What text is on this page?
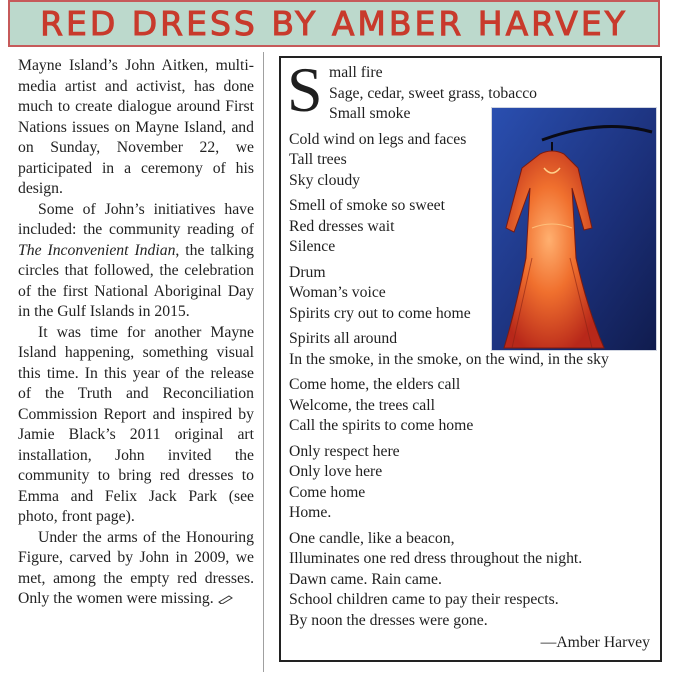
RED DRESS BY AMBER HARVEY

Mayne Island’s John Aitken, multi-media artist and activist, has done much to create dialogue around First Nations issues on Mayne Island, and on Sunday, November 22, we participated in a ceremony of his design.

Some of John’s initiatives have included: the community reading of The Inconvenient Indian, the talking circles that followed, the celebration of the first National Aboriginal Day in the Gulf Islands in 2015.

It was time for another Mayne Island happening, something visual this time. In this year of the release of the Truth and Reconciliation Commission Report and inspired by Jamie Black’s 2011 original art installation, John invited the community to bring red dresses to Emma and Felix Jack Park (see photo, front page).

Under the arms of the Honouring Figure, carved by John in 2009, we met, among the empty red dresses. Only the women were missing.

S mall fire
Sage, cedar, sweet grass, tobacco
Small smoke
Cold wind on legs and faces
Tall trees
Sky cloudy
Smell of smoke so sweet
Red dresses wait
Silence
Drum
Woman’s voice
Spirits cry out to come home
Spirits all around
In the smoke, in the smoke, on the wind, in the sky
Come home, the elders call
Welcome, the trees call
Call the spirits to come home
Only respect here
Only love here
Come home
Home.
One candle, like a beacon,
Illuminates one red dress throughout the night.
Dawn came. Rain came.
School children came to pay their respects.
By noon the dresses were gone.
—Amber Harvey
